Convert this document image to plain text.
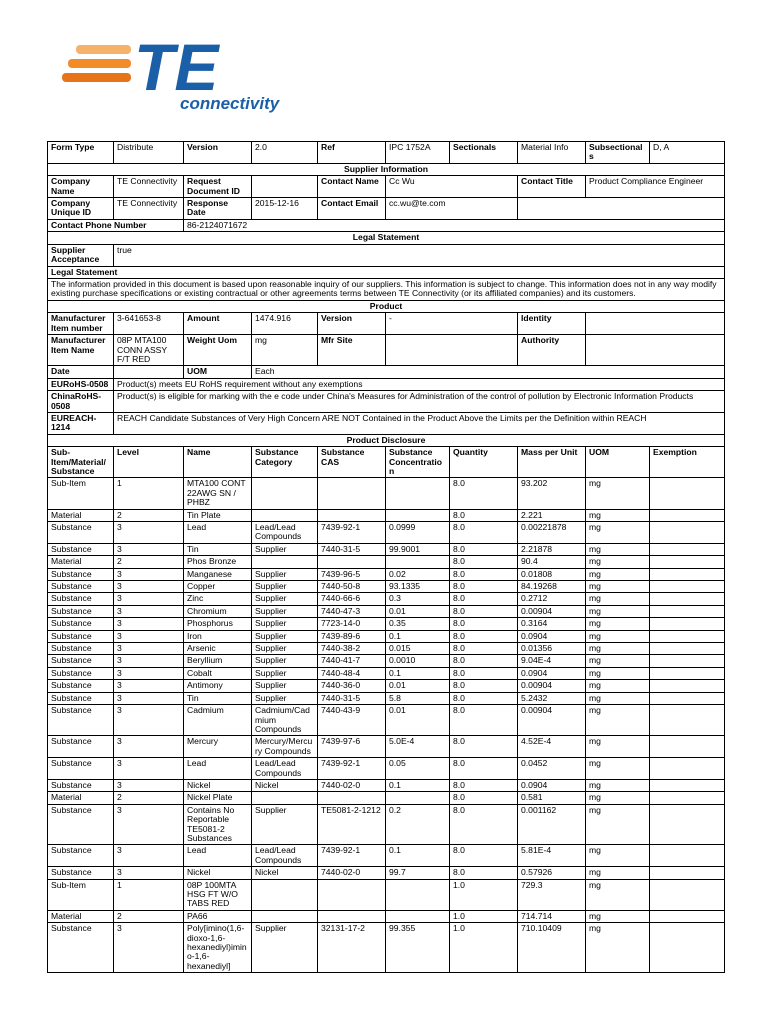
TE
connectivity
Form Type	Distribute	Version	2.0	Ref	IPC 1752A	Sectionals	Material Info	Subsectionals	D, A
Supplier Information									
Company Name	TE Connectivity	Request Document ID		Contact Name	Cc Wu		Contact Title	Product Compliance Engineer	
Company Unique ID	TE Connectivity	Response Date	2015-12-16	Contact Email	cc.wu@te.com				
Contact Phone Number		86-2124071672							
Legal Statement									
Supplier Acceptance	true								
Legal Statement									
The information provided in this document is based upon reasonable inquiry of our suppliers. This information is subject to change. This information does not in any way modify existing purchase specifications or existing contractual or other agreements terms between TE Connectivity (or its affiliated companies) and its customers.									
Product									
Manufacturer Item number	3-641653-8	Amount	1474.916	Version	-		Identity		
Manufacturer Item Name	08P MTA100 CONN ASSY F/T RED	Weight Uom	mg	Mfr Site			Authority		
Date		UOM	Each						
EURoHS-0508	Product(s) meets EU RoHS requirement without any exemptions								
ChinaRoHS-0508	Product(s) is eligible for marking with the e code under China's Measures for Administration of the control of pollution by Electronic Information Products								
EUREACH-1214	REACH Candidate Substances of Very High Concern ARE NOT Contained in the Product Above the Limits per the Definition within REACH								
Product Disclosure									
Sub-Item/Material/Substance	Level	Name	Substance Category	Substance CAS	Substance Concentration	Quantity	Mass per Unit	UOM	Exemption
Sub-Item	1	MTA100 CONT 22AWG SN / PHBZ				8.0	93.202	mg	
Material	2	Tin Plate				8.0	2.221	mg	
Substance	3	Lead	Lead/Lead Compounds	7439-92-1	0.0999	8.0	0.00221878	mg	
Substance	3	Tin	Supplier	7440-31-5	99.9001	8.0	2.21878	mg	
Material	2	Phos Bronze				8.0	90.4	mg	
Substance	3	Manganese	Supplier	7439-96-5	0.02	8.0	0.01808	mg	
Substance	3	Copper	Supplier	7440-50-8	93.1335	8.0	84.19268	mg	
Substance	3	Zinc	Supplier	7440-66-6	0.3	8.0	0.2712	mg	
Substance	3	Chromium	Supplier	7440-47-3	0.01	8.0	0.00904	mg	
Substance	3	Phosphorus	Supplier	7723-14-0	0.35	8.0	0.3164	mg	
Substance	3	Iron	Supplier	7439-89-6	0.1	8.0	0.0904	mg	
Substance	3	Arsenic	Supplier	7440-38-2	0.015	8.0	0.01356	mg	
Substance	3	Beryllium	Supplier	7440-41-7	0.0010	8.0	9.04E-4	mg	
Substance	3	Cobalt	Supplier	7440-48-4	0.1	8.0	0.0904	mg	
Substance	3	Antimony	Supplier	7440-36-0	0.01	8.0	0.00904	mg	
Substance	3	Tin	Supplier	7440-31-5	5.8	8.0	5.2432	mg	
Substance	3	Cadmium	Cadmium/Cadmium Compounds	7440-43-9	0.01	8.0	0.00904	mg	
Substance	3	Mercury	Mercury/Mercury Compounds	7439-97-6	5.0E-4	8.0	4.52E-4	mg	
Substance	3	Lead	Lead/Lead Compounds	7439-92-1	0.05	8.0	0.0452	mg	
Substance	3	Nickel	Nickel	7440-02-0	0.1	8.0	0.0904	mg	
Material	2	Nickel Plate				8.0	0.581	mg	
Substance	3	Contains No Reportable TE5081-2 Substances	Supplier	TE5081-2-1212	0.2	8.0	0.001162	mg	
Substance	3	Lead	Lead/Lead Compounds	7439-92-1	0.1	8.0	5.81E-4	mg	
Substance	3	Nickel	Nickel	7440-02-0	99.7	8.0	0.57926	mg	
Sub-Item	1	08P 100MTA HSG FT W/O TABS RED				1.0	729.3	mg	
Material	2	PA66				1.0	714.714	mg	
Substance	3	Poly[imino(1,6-dioxo-1,6-hexanediyl)imino-1,6-hexanediyl]	Supplier	32131-17-2	99.355	1.0	710.10409	mg	
